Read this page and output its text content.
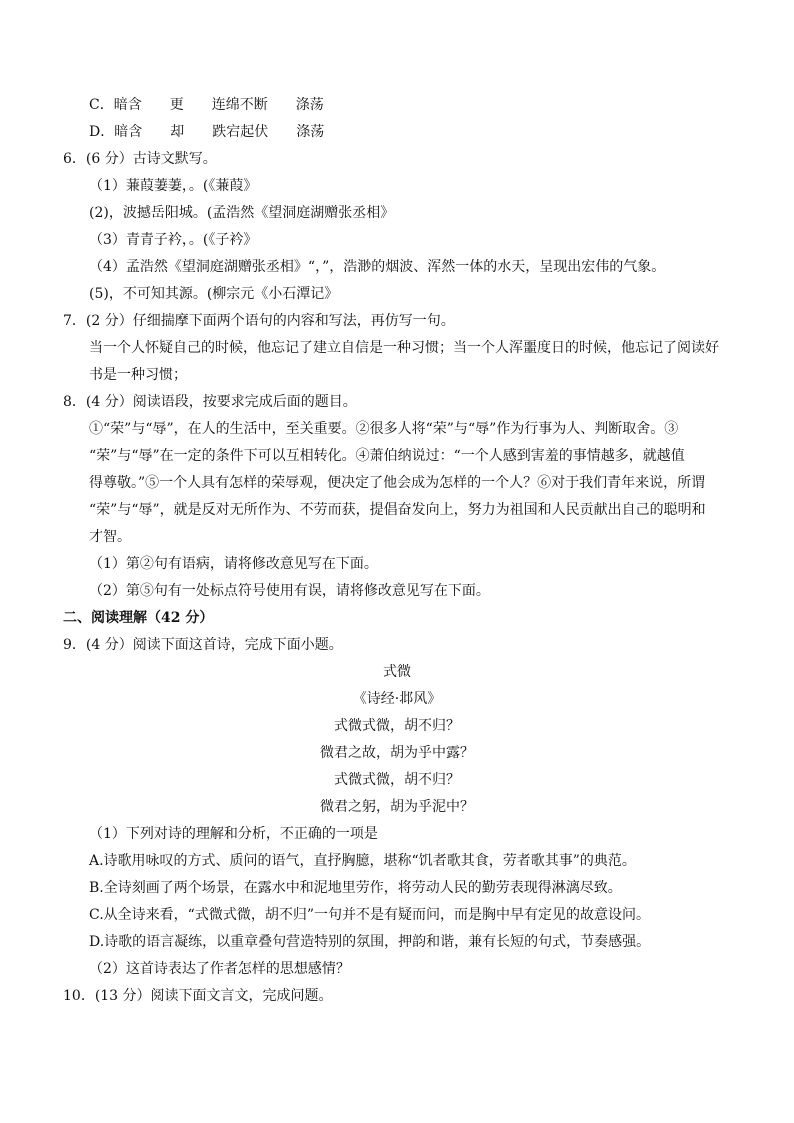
C．暗含 更 连绵不断 涤荡
D．暗含 却 跌宕起伏 涤荡
6．(6 分）古诗文默写。
（1）蒹葭萋萋，。(《蒹葭》
(2)，波撼岳阳城。(孟浩然《望洞庭湖赠张丞相》
（3）青青子衿，。(《子衿》
（4）孟浩然《望洞庭湖赠张丞相》“，”，浩渺的烟波、浑然一体的水天，呈现出宏伟的气象。
(5)，不可知其源。(柳宗元《小石潭记》
7．(2 分）仔细揣摩下面两个语句的内容和写法，再仿写一句。
当一个人怀疑自己的时候，他忘记了建立自信是一种习惯；当一个人浑噩度日的时候，他忘记了阅读好
书是一种习惯；
8．(4 分）阅读语段，按要求完成后面的题目。
①“荣”与“辱”，在人的生活中，至关重要。②很多人将“荣”与“辱”作为行事为人、判断取舍。③
“荣”与“辱”在一定的条件下可以互相转化。④萧伯纳说过：“一个人感到害羞的事情越多，就越值
得尊敬。”⑤一个人具有怎样的荣辱观，便决定了他会成为怎样的一个人？⑥对于我们青年来说，所谓
“荣”与“辱”，就是反对无所作为、不劳而获，提倡奋发向上，努力为祖国和人民贡献出自己的聪明和
才智。
（1）第②句有语病，请将修改意见写在下面。
（2）第⑤句有一处标点符号使用有误，请将修改意见写在下面。
二、阅读理解（42 分）
9．(4 分）阅读下面这首诗，完成下面小题。
式微
《诗经·邶风》
式微式微，胡不归？
微君之故，胡为乎中露？
式微式微，胡不归？
微君之躬，胡为乎泥中？
（1）下列对诗的理解和分析，不正确的一项是
A.诗歌用咏叹的方式、质问的语气，直抒胸臆，堪称“饥者歌其食，劳者歌其事”的典范。
B.全诗刻画了两个场景，在露水中和泥地里劳作，将劳动人民的勤劳表现得淋漓尽致。
C.从全诗来看，“式微式微，胡不归”一句并不是有疑而问，而是胸中早有定见的故意设问。
D.诗歌的语言凝练，以重章叠句营造特别的氛围，押韵和谐，兼有长短的句式，节奏感强。
（2）这首诗表达了作者怎样的思想感情？
10．(13 分）阅读下面文言文，完成问题。
